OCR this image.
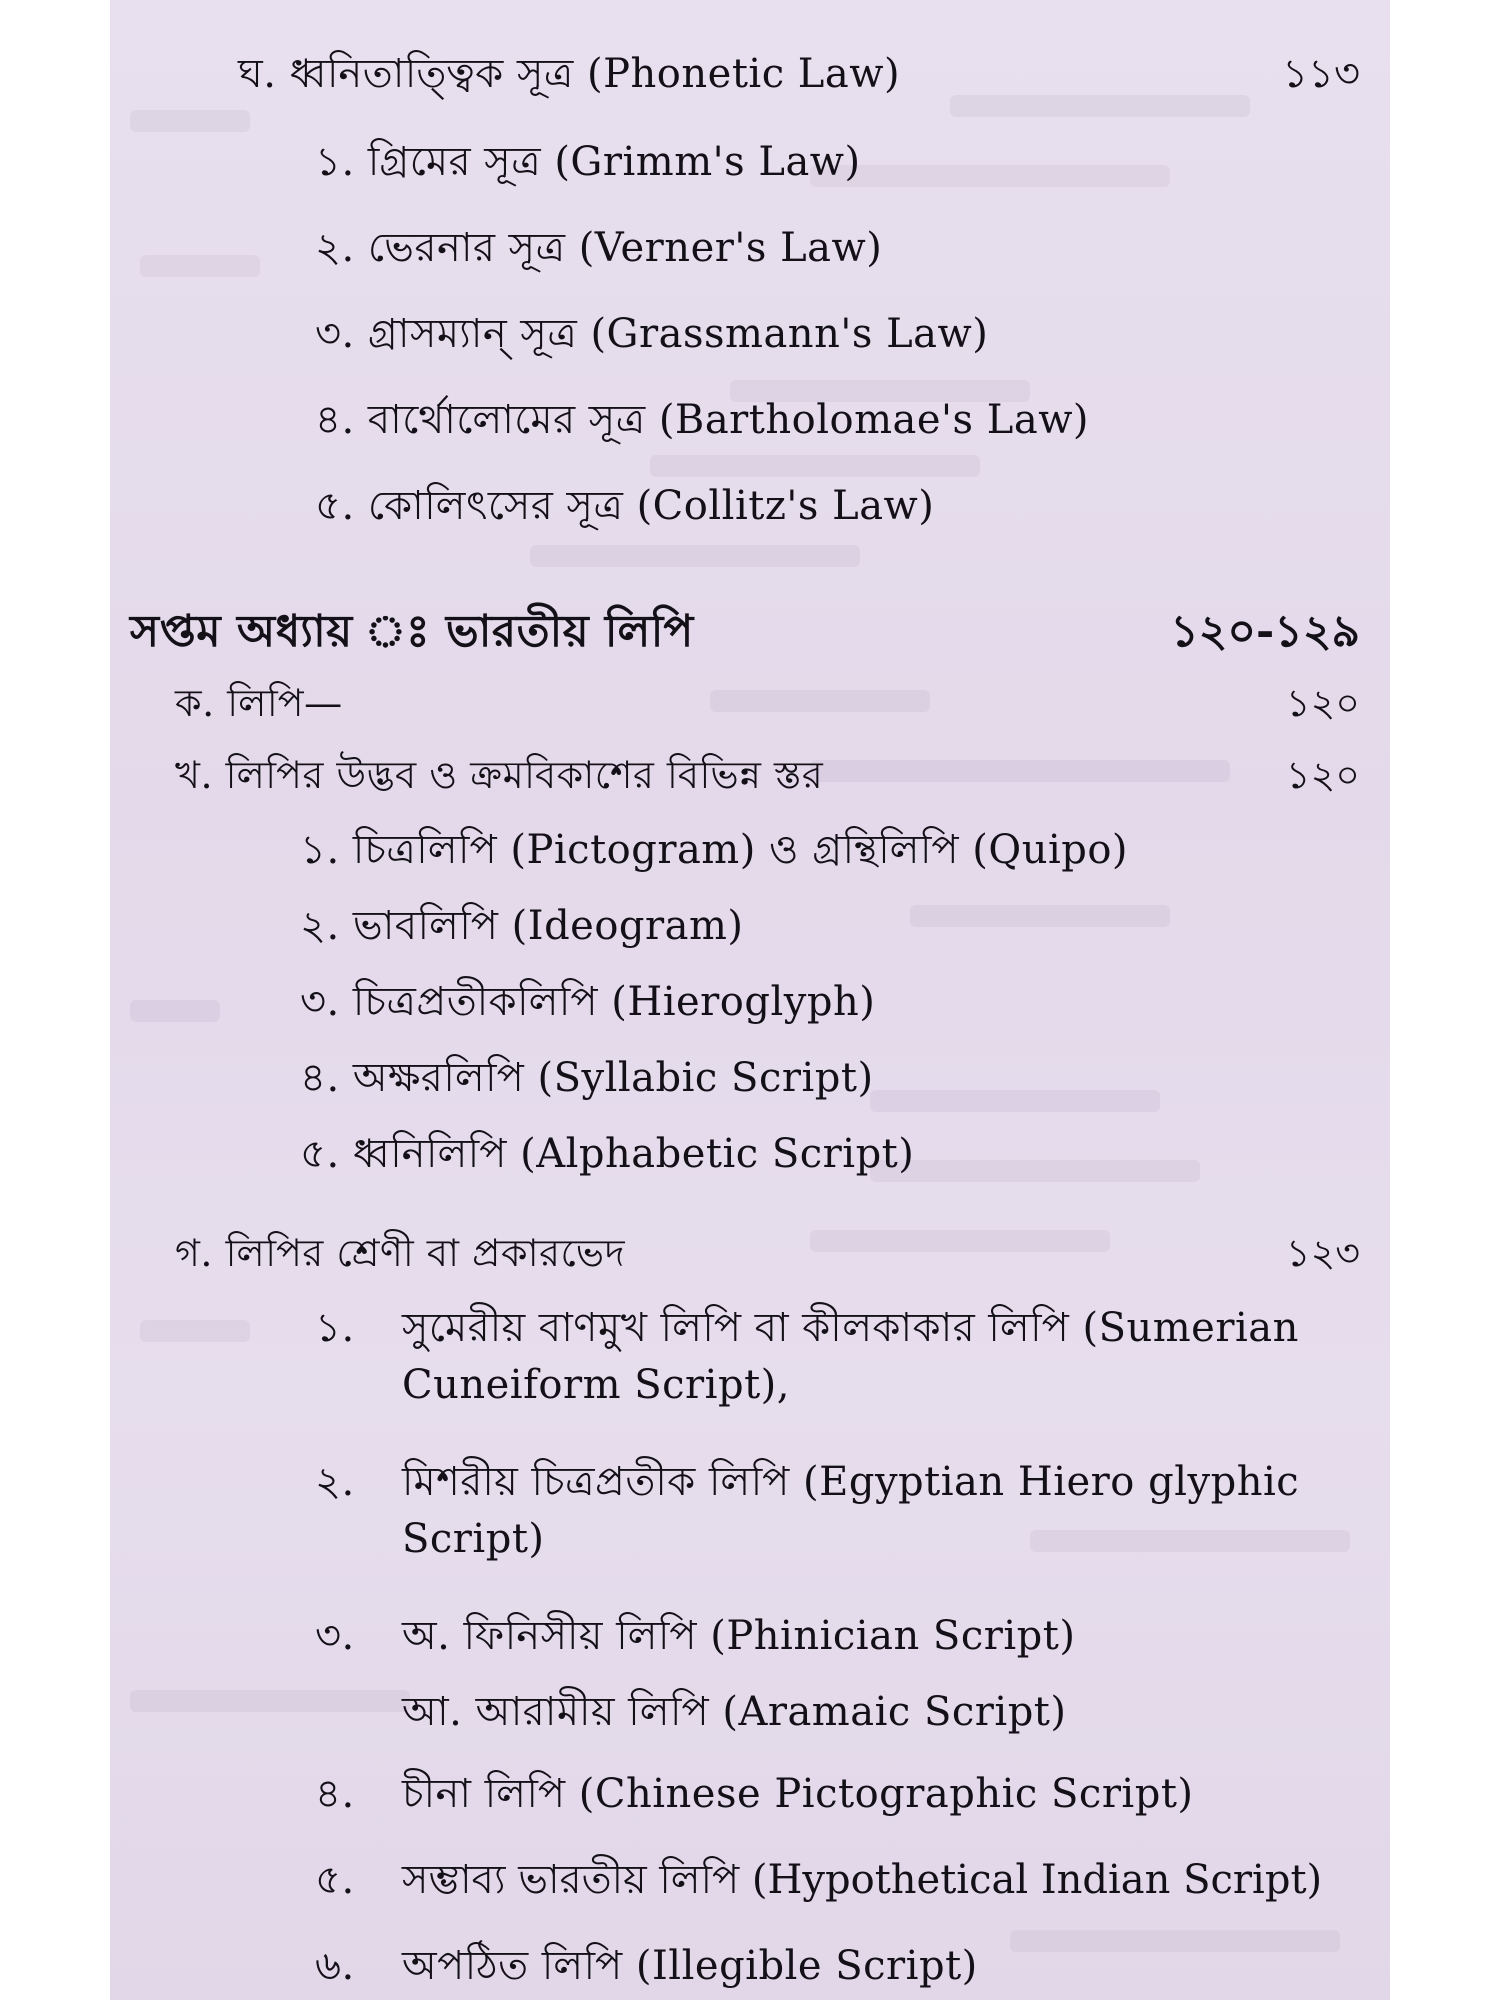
ঘ. ধ্বনিতাত্ত্বিক সূত্র (Phonetic Law)	১১৩
১. গ্রিমের সূত্র (Grimm's Law)
২. ভেরনার সূত্র (Verner's Law)
৩. গ্রাসম্যান্ সূত্র (Grassmann's Law)
৪. বার্থোলোমের সূত্র (Bartholomae's Law)
৫. কোলিৎসের সূত্র (Collitz's Law)
সপ্তম অধ্যায় ঃ ভারতীয় লিপি	১২০-১২৯
ক. লিপি—	১২০
খ. লিপির উদ্ভব ও ক্রমবিকাশের বিভিন্ন স্তর	১২০
১. চিত্রলিপি (Pictogram) ও গ্রন্থিলিপি (Quipo)
২. ভাবলিপি (Ideogram)
৩. চিত্রপ্রতীকলিপি (Hieroglyph)
৪. অক্ষরলিপি (Syllabic Script)
৫. ধ্বনিলিপি (Alphabetic Script)
গ. লিপির শ্রেণী বা প্রকারভেদ	১২৩
১. সুমেরীয় বাণমুখ লিপি বা কীলকাকার লিপি (Sumerian
Cuneiform Script),
২. মিশরীয় চিত্রপ্রতীক লিপি (Egyptian Hiero glyphic
Script)
৩. অ. ফিনিসীয় লিপি (Phinician Script)
আ. আরামীয় লিপি (Aramaic Script)
৪. চীনা লিপি (Chinese Pictographic Script)
৫. সম্ভাব্য ভারতীয় লিপি (Hypothetical Indian Script)
৬. অপঠিত লিপি (Illegible Script)
